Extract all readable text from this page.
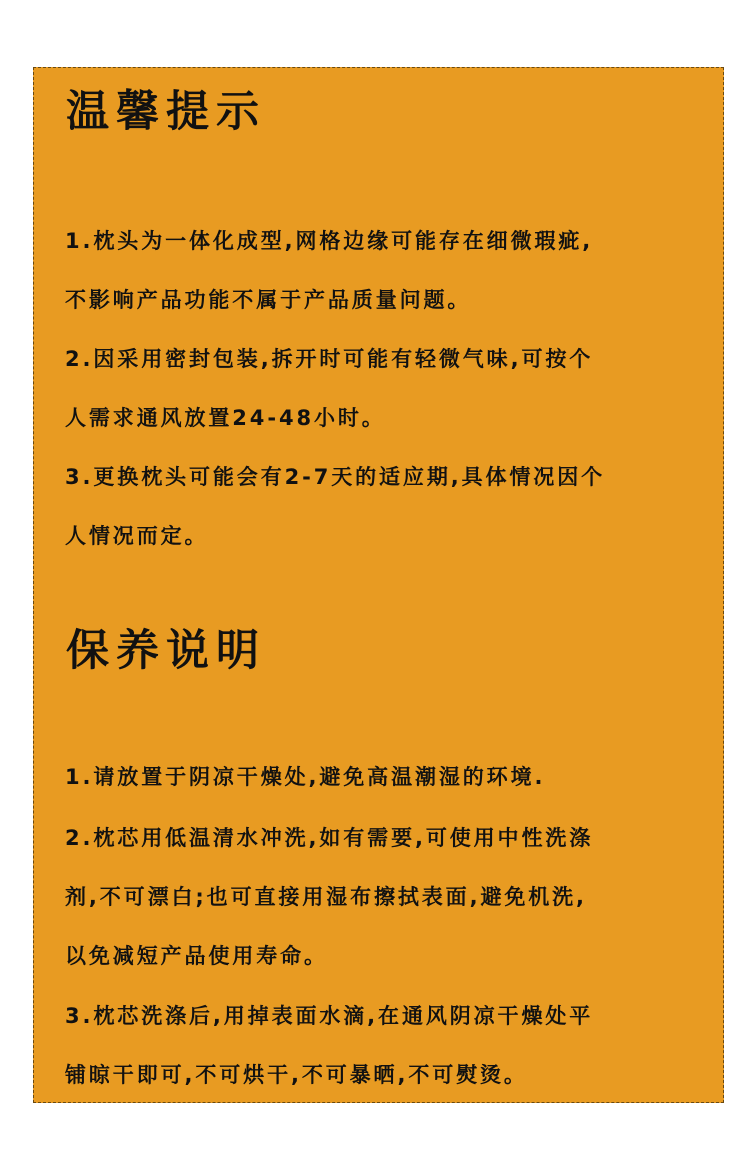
温馨提示

1.枕头为一体化成型,网格边缘可能存在细微瑕疵,
不影响产品功能不属于产品质量问题。

2.因采用密封包装,拆开时可能有轻微气味,可按个
人需求通风放置24-48小时。

3.更换枕头可能会有2-7天的适应期,具体情况因个
人情况而定。

保养说明

1.请放置于阴凉干燥处,避免高温潮湿的环境.

2.枕芯用低温清水冲洗,如有需要,可使用中性洗涤
剂,不可漂白;也可直接用湿布擦拭表面,避免机洗,
以免减短产品使用寿命。

3.枕芯洗涤后,用掉表面水滴,在通风阴凉干燥处平
铺晾干即可,不可烘干,不可暴晒,不可熨烫。
